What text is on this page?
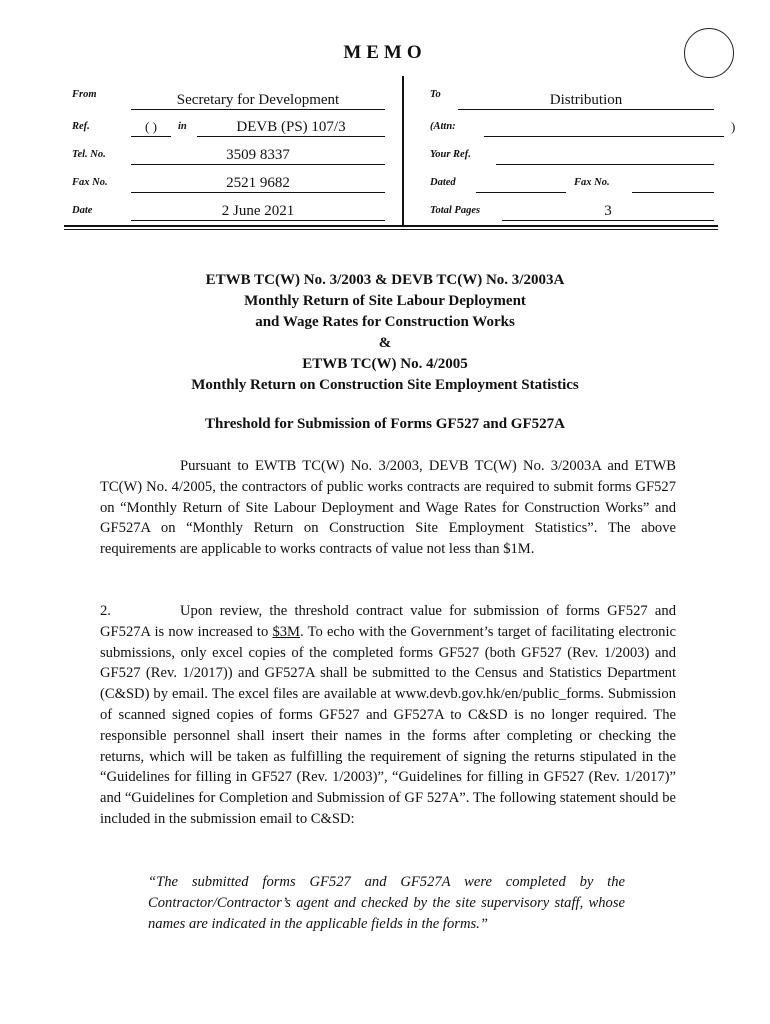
MEMO
From	Secretary for Development
Ref.	( )	in	DEVB (PS) 107/3
Tel. No.	3509 8337
Fax No.	2521 9682
Date	2 June 2021
To	Distribution
(Attn:	)
Your Ref.
Dated	Fax No.
Total Pages	3
ETWB TC(W) No. 3/2003 & DEVB TC(W) No. 3/2003A
Monthly Return of Site Labour Deployment
and Wage Rates for Construction Works
&
ETWB TC(W) No. 4/2005
Monthly Return on Construction Site Employment Statistics
Threshold for Submission of Forms GF527 and GF527A

Pursuant to EWTB TC(W) No. 3/2003, DEVB TC(W) No. 3/2003A and ETWB TC(W) No. 4/2005, the contractors of public works contracts are required to submit forms GF527 on “Monthly Return of Site Labour Deployment and Wage Rates for Construction Works” and GF527A on “Monthly Return on Construction Site Employment Statistics”. The above requirements are applicable to works contracts of value not less than $1M.

2.	Upon review, the threshold contract value for submission of forms GF527 and GF527A is now increased to $3M. To echo with the Government’s target of facilitating electronic submissions, only excel copies of the completed forms GF527 (both GF527 (Rev. 1/2003) and GF527 (Rev. 1/2017)) and GF527A shall be submitted to the Census and Statistics Department (C&SD) by email. The excel files are available at www.devb.gov.hk/en/public_forms. Submission of scanned signed copies of forms GF527 and GF527A to C&SD is no longer required. The responsible personnel shall insert their names in the forms after completing or checking the returns, which will be taken as fulfilling the requirement of signing the returns stipulated in the “Guidelines for filling in GF527 (Rev. 1/2003)”, “Guidelines for filling in GF527 (Rev. 1/2017)” and “Guidelines for Completion and Submission of GF 527A”. The following statement should be included in the submission email to C&SD:

“The submitted forms GF527 and GF527A were completed by the Contractor/Contractor’s agent and checked by the site supervisory staff, whose names are indicated in the applicable fields in the forms.”
